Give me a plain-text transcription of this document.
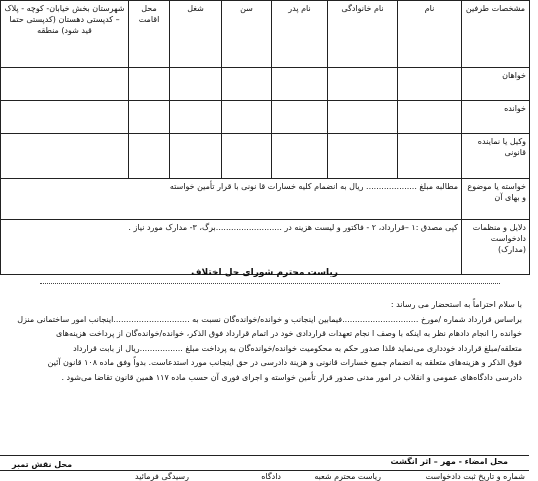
مشخصات طرفین	نام	نام خانوادگی	نام پدر	سن	شغل	محل اقامت	شهرستان بخش خیابان- کوچه - پلاک – کدپستی دهستان (کدپستی حتما قید شود) منطقه
خواهان							
خوانده							
وکیل یا نماینده قانونی							
خواسته یا موضوع و بهای آن	مطالبه مبلغ .................... ریال به انضمام کلیه خسارات قا نونی با قرار تأمین خواسته						
دلایل و منظمات دادخواست (مدارک)	کپی مصدق :۱ –قرارداد، ۲ - فاکتور و لیست هزینه در ..........................برگ، ۳- مدارک مورد نیاز .						
ریاست محترم شورای حل اختلاف

با سلام احتراماً به استحضار می رساند :

براساس قرارداد شماره /مورخ ..............................فیمابین اینجانب و خوانده/خوانده‌گان نسبت به ..............................اینجانب امور ساختمانی منزل

خوانده را انجام دادهام نظر به اینکه با وصف ا نجام تعهدات قراردادی خود در اتمام قرارداد فوق الذکر، خوانده/خوانده‌گان از پرداخت هزینه‌های

متعلقه/مبلغ قرارداد خودداری می‌نماید فلذا صدور حکم به محکومیت خوانده/خوانده‌گان به پرداخت مبلغ .................ریال از بابت قرارداد

فوق الذکر و هزینه‌های متعلقه به انضمام جمیع خسارات قانونی و هزینة دادرسی در حق اینجانب مورد استدعاست. بدواً وفق ماده ۱۰۸ قانون آئین

دادرسی دادگاه‌های عمومی و انقلاب در امور مدنی صدور قرار تأمین خواسته و اجرای فوری آن حسب ماده ۱۱۷ همین قانون تقاضا می‌شود .

محل امضاء - مهر – اثر انگشت
محل نقش تمبر
شماره و تاریخ ثبت دادخواست
ریاست محترم شعبه
دادگاه
رسیدگی فرمائید
